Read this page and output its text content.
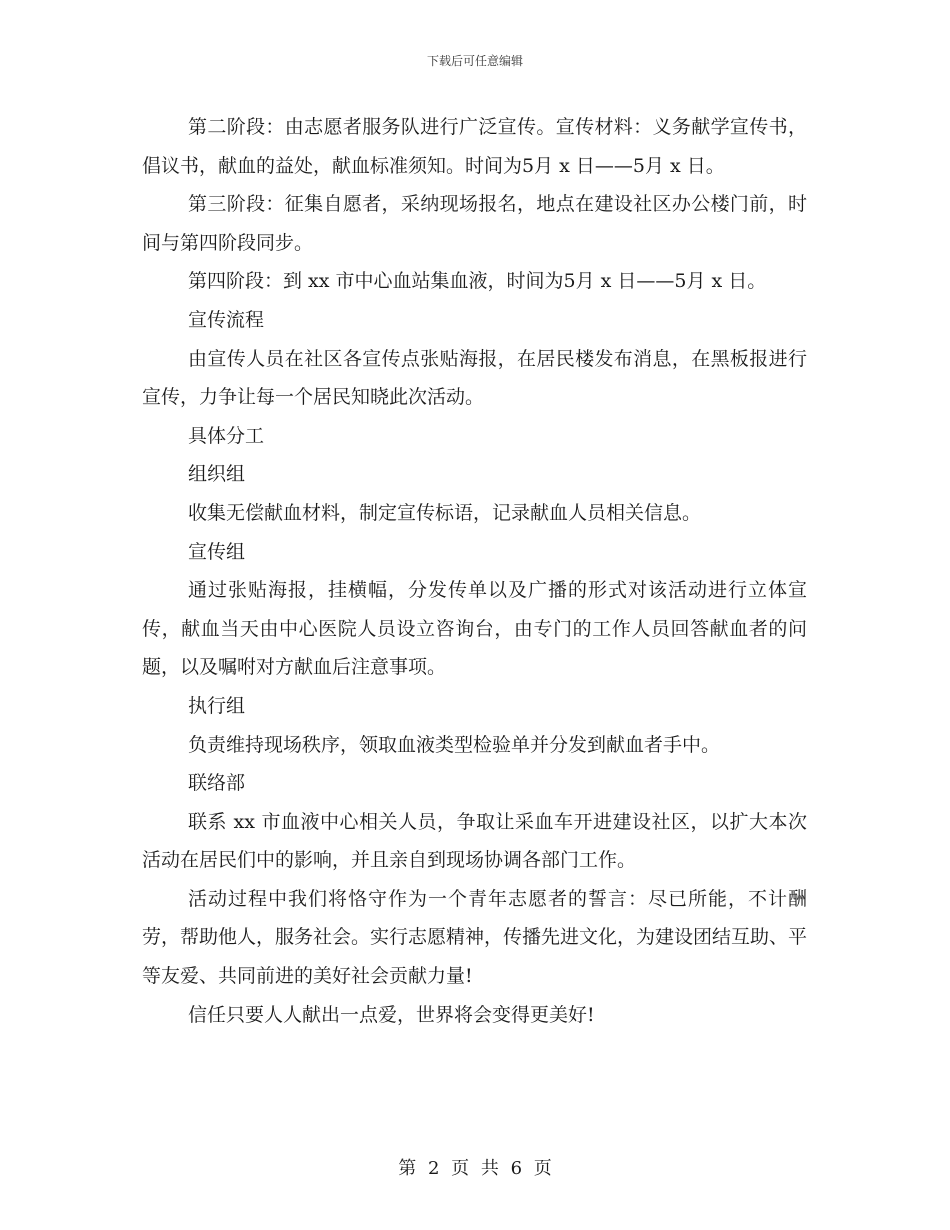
下载后可任意编辑

第二阶段：由志愿者服务队进行广泛宣传。宣传材料：义务献学宣传书，倡议书，献血的益处，献血标准须知。时间为5月 x 日——5月 x 日。

第三阶段：征集自愿者，采纳现场报名，地点在建设社区办公楼门前，时间与第四阶段同步。

第四阶段：到 xx 市中心血站集血液，时间为5月 x 日——5月 x 日。

宣传流程

由宣传人员在社区各宣传点张贴海报，在居民楼发布消息，在黑板报进行宣传，力争让每一个居民知晓此次活动。

具体分工

组织组

收集无偿献血材料，制定宣传标语，记录献血人员相关信息。

宣传组

通过张贴海报，挂横幅，分发传单以及广播的形式对该活动进行立体宣传，献血当天由中心医院人员设立咨询台，由专门的工作人员回答献血者的问题，以及嘱咐对方献血后注意事项。

执行组

负责维持现场秩序，领取血液类型检验单并分发到献血者手中。

联络部

联系 xx 市血液中心相关人员，争取让采血车开进建设社区，以扩大本次活动在居民们中的影响，并且亲自到现场协调各部门工作。

活动过程中我们将恪守作为一个青年志愿者的誓言：尽已所能，不计酬劳，帮助他人，服务社会。实行志愿精神，传播先进文化，为建设团结互助、平等友爱、共同前进的美好社会贡献力量!

信任只要人人献出一点爱，世界将会变得更美好!

第 2 页 共 6 页
